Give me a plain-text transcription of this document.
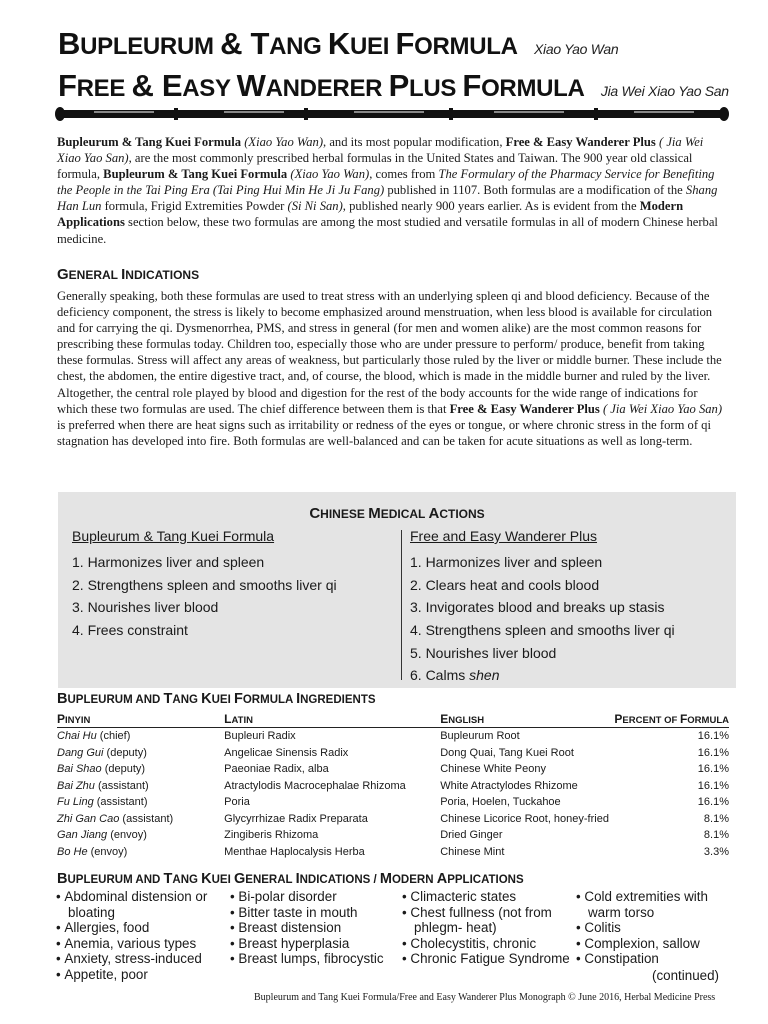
BUPLEURUM & TANG KUEI FORMULA Xiao Yao Wan
FREE & EASY WANDERER PLUS FORMULA Jia Wei Xiao Yao San

Bupleurum & Tang Kuei Formula (Xiao Yao Wan), and its most popular modification, Free & Easy Wanderer Plus ( Jia Wei Xiao Yao San), are the most commonly prescribed herbal formulas in the United States and Taiwan. The 900 year old classical formula, Bupleurum & Tang Kuei Formula (Xiao Yao Wan), comes from The Formulary of the Pharmacy Service for Benefiting the People in the Tai Ping Era (Tai Ping Hui Min He Ji Ju Fang) published in 1107. Both formulas are a modification of the Shang Han Lun formula, Frigid Extremities Powder (Si Ni San), published nearly 900 years earlier. As is evident from the Modern Applications section below, these two formulas are among the most studied and versatile formulas in all of modern Chinese herbal medicine.

GENERAL INDICATIONS

Generally speaking, both these formulas are used to treat stress with an underlying spleen qi and blood deficiency. Because of the deficiency component, the stress is likely to become emphasized around menstruation, when less blood is available for circulation and for carrying the qi. Dysmenorrhea, PMS, and stress in general (for men and women alike) are the most common reasons for prescribing these formulas today. Children too, especially those who are under pressure to perform/ produce, benefit from taking these formulas. Stress will affect any areas of weakness, but particularly those ruled by the liver or middle burner. These include the chest, the abdomen, the entire digestive tract, and, of course, the blood, which is made in the middle burner and ruled by the liver. Altogether, the central role played by blood and digestion for the rest of the body accounts for the wide range of indications for which these two formulas are used. The chief difference between them is that Free & Easy Wanderer Plus ( Jia Wei Xiao Yao San) is preferred when there are heat signs such as irritability or redness of the eyes or tongue, or where chronic stress in the form of qi stagnation has developed into fire. Both formulas are well-balanced and can be taken for acute situations as well as long-term.

CHINESE MEDICAL ACTIONS
Bupleurum & Tang Kuei Formula
1. Harmonizes liver and spleen
2. Strengthens spleen and smooths liver qi
3. Nourishes liver blood
4. Frees constraint
Free and Easy Wanderer Plus
1. Harmonizes liver and spleen
2. Clears heat and cools blood
3. Invigorates blood and breaks up stasis
4. Strengthens spleen and smooths liver qi
5. Nourishes liver blood
6. Calms shen
BUPLEURUM AND TANG KUEI FORMULA INGREDIENTS
PINYIN	LATIN	ENGLISH	PERCENT OF FORMULA
Chai Hu (chief)	Bupleuri Radix	Bupleurum Root	16.1%
Dang Gui (deputy)	Angelicae Sinensis Radix	Dong Quai, Tang Kuei Root	16.1%
Bai Shao (deputy)	Paeoniae Radix, alba	Chinese White Peony	16.1%
Bai Zhu (assistant)	Atractylodis Macrocephalae Rhizoma	White Atractylodes Rhizome	16.1%
Fu Ling (assistant)	Poria	Poria, Hoelen, Tuckahoe	16.1%
Zhi Gan Cao (assistant)	Glycyrrhizae Radix Preparata	Chinese Licorice Root, honey-fried	8.1%
Gan Jiang (envoy)	Zingiberis Rhizoma	Dried Ginger	8.1%
Bo He (envoy)	Menthae Haplocalysis Herba	Chinese Mint	3.3%
BUPLEURUM AND TANG KUEI GENERAL INDICATIONS / MODERN APPLICATIONS
• Abdominal distension or bloating
• Allergies, food
• Anemia, various types
• Anxiety, stress-induced
• Appetite, poor
• Bi-polar disorder
• Bitter taste in mouth
• Breast distension
• Breast hyperplasia
• Breast lumps, fibrocystic
• Climacteric states
• Chest fullness (not from phlegm- heat)
• Cholecystitis, chronic
• Chronic Fatigue Syndrome
• Cold extremities with warm torso
• Colitis
• Complexion, sallow
• Constipation
(continued)
Bupleurum and Tang Kuei Formula/Free and Easy Wanderer Plus Monograph © June 2016, Herbal Medicine Press
